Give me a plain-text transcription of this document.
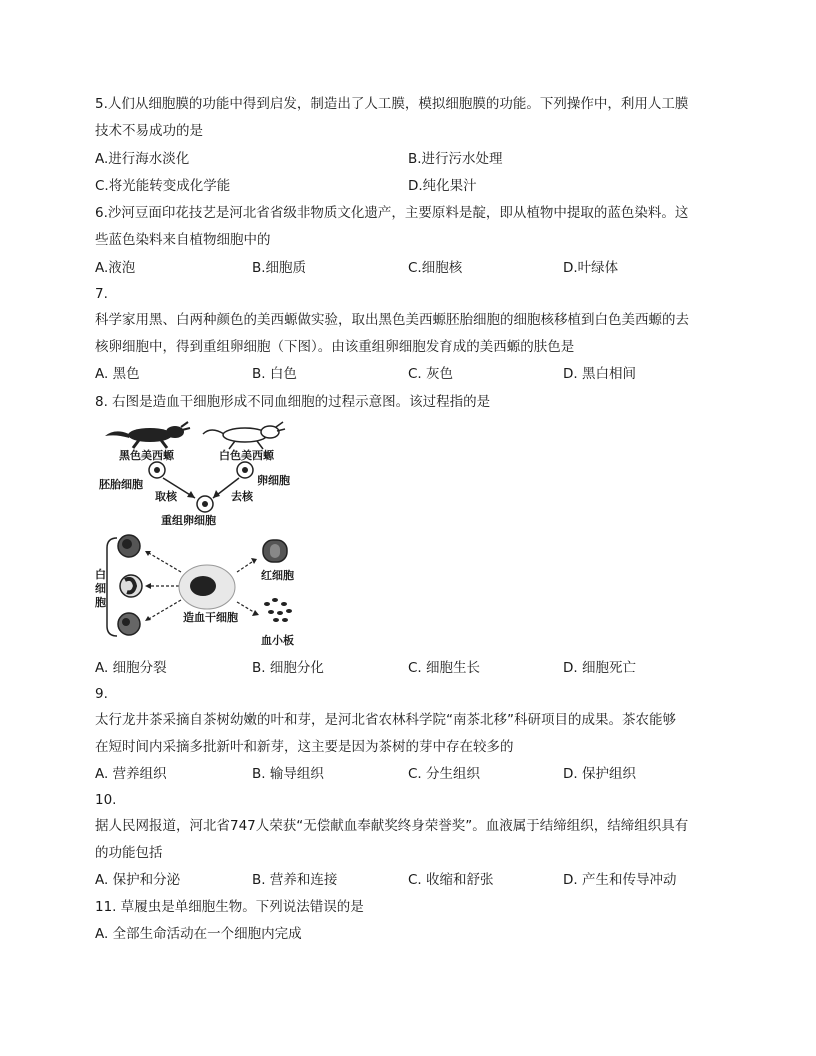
5.人们从细胞膜的功能中得到启发，制造出了人工膜，模拟细胞膜的功能。下列操作中，利用人工膜
技术不易成功的是
A.进行海水淡化	B.进行污水处理
C.将光能转变成化学能	D.纯化果汁
6.沙河豆面印花技艺是河北省省级非物质文化遗产，主要原料是靛，即从植物中提取的蓝色染料。这
些蓝色染料来自植物细胞中的
A.液泡	B.细胞质	C.细胞核	D.叶绿体
7.
科学家用黑、白两种颜色的美西螈做实验，取出黑色美西螈胚胎细胞的细胞核移植到白色美西螈的去
核卵细胞中，得到重组卵细胞（下图）。由该重组卵细胞发育成的美西螈的肤色是
A. 黑色	B. 白色	C. 灰色	D. 黑白相间
8. 右图是造血干细胞形成不同血细胞的过程示意图。该过程指的是
黑色美西螈	白色美西螈
胚胎细胞	卵细胞
取核	去核
重组卵细胞
白
细
胞
造血干细胞
红细胞
血小板
A. 细胞分裂	B. 细胞分化	C. 细胞生长	D. 细胞死亡
9.
太行龙井茶采摘自茶树幼嫩的叶和芽，是河北省农林科学院“南茶北移”科研项目的成果。茶农能够
在短时间内采摘多批新叶和新芽，这主要是因为茶树的芽中存在较多的
A. 营养组织	B. 输导组织	C. 分生组织	D. 保护组织
10.
据人民网报道，河北省747人荣获“无偿献血奉献奖终身荣誉奖”。血液属于结缔组织，结缔组织具有
的功能包括
A. 保护和分泌	B. 营养和连接	C. 收缩和舒张	D. 产生和传导冲动
11. 草履虫是单细胞生物。下列说法错误的是
A. 全部生命活动在一个细胞内完成
